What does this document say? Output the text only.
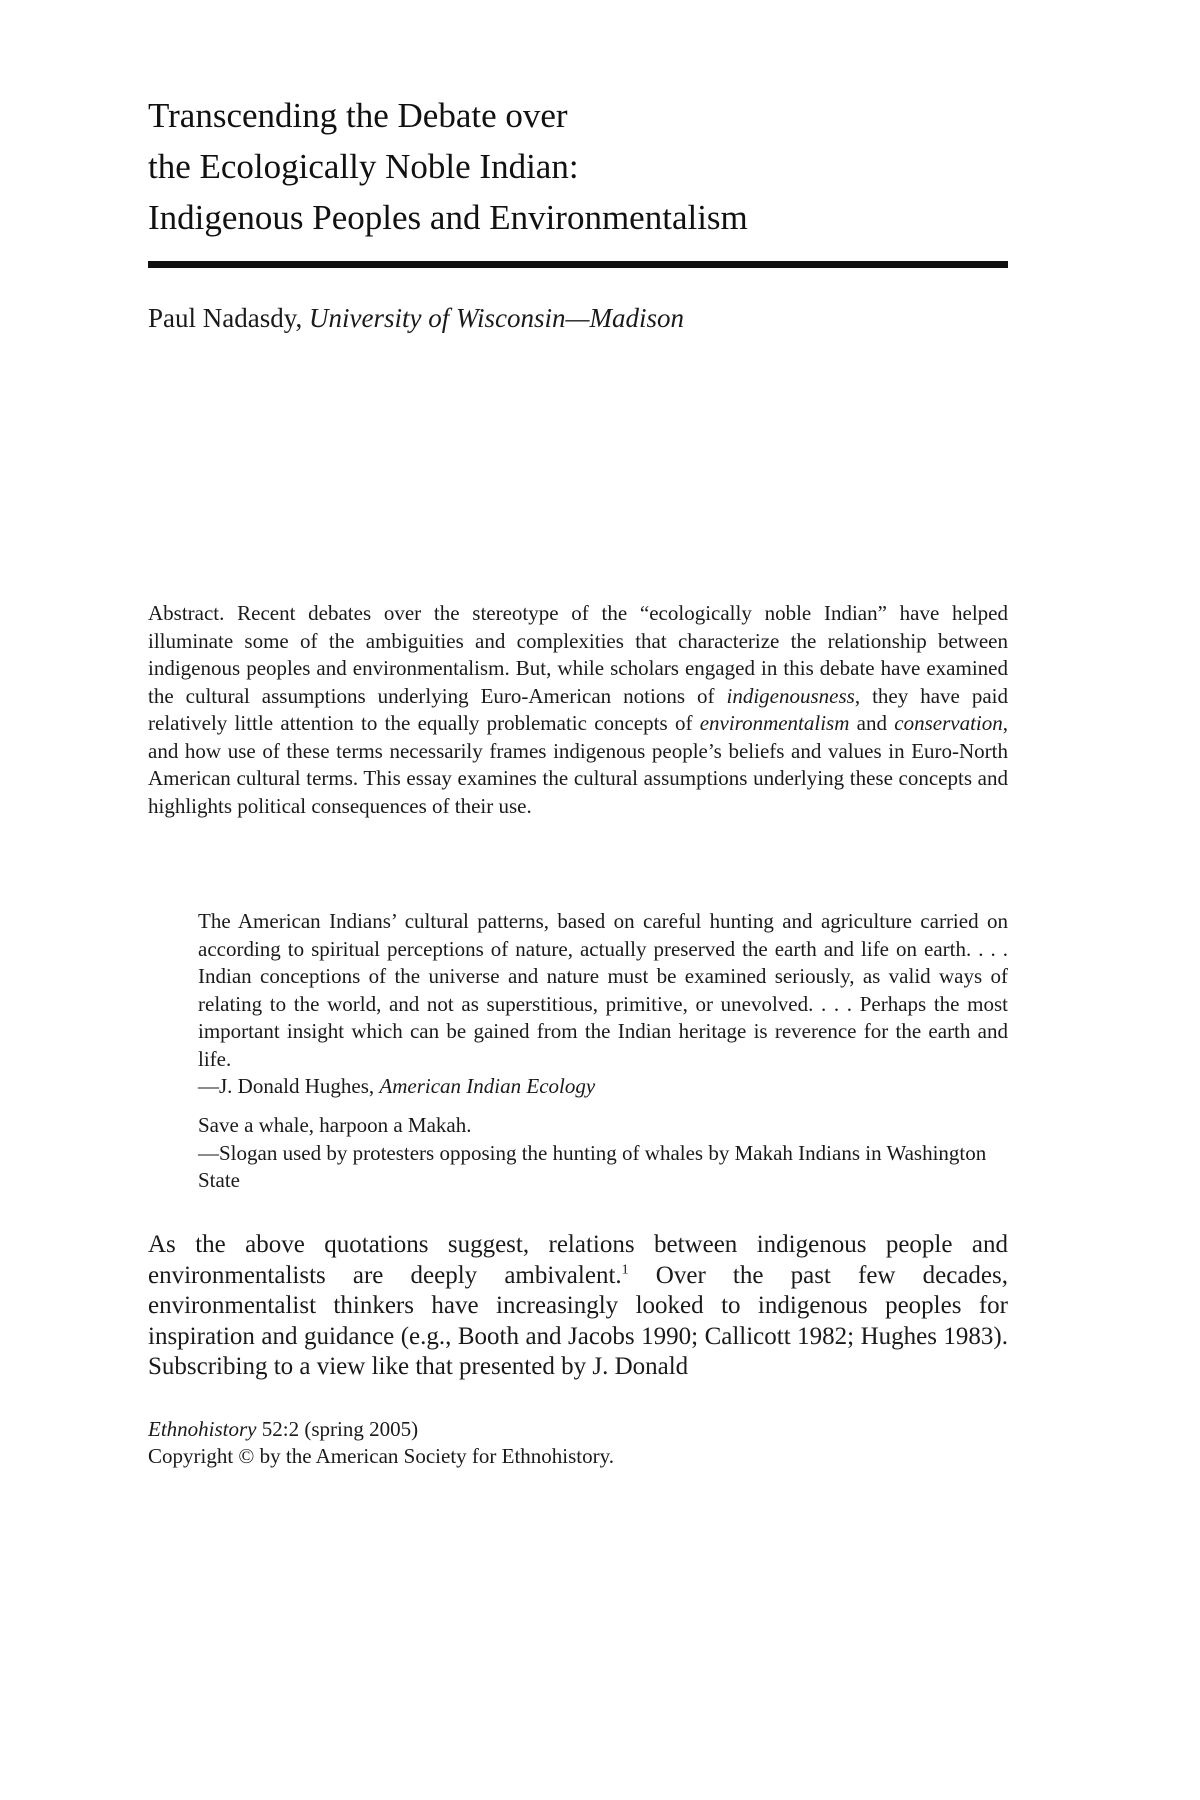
Transcending the Debate over
the Ecologically Noble Indian:
Indigenous Peoples and Environmentalism
Paul Nadasdy, University of Wisconsin—Madison

Abstract. Recent debates over the stereotype of the “ecologically noble Indian” have helped illuminate some of the ambiguities and complexities that characterize the relationship between indigenous peoples and environmentalism. But, while scholars engaged in this debate have examined the cultural assumptions underlying Euro-American notions of indigenousness, they have paid relatively little attention to the equally problematic concepts of environmentalism and conservation, and how use of these terms necessarily frames indigenous people’s beliefs and values in Euro-North American cultural terms. This essay examines the cultural assumptions underlying these concepts and highlights political consequences of their use.

The American Indians’ cultural patterns, based on careful hunting and agriculture carried on according to spiritual perceptions of nature, actually preserved the earth and life on earth. . . . Indian conceptions of the universe and nature must be examined seriously, as valid ways of relating to the world, and not as superstitious, primitive, or unevolved. . . . Perhaps the most important insight which can be gained from the Indian heritage is reverence for the earth and life.

—J. Donald Hughes, American Indian Ecology

Save a whale, harpoon a Makah.

—Slogan used by protesters opposing the hunting of whales by Makah Indians in Washington State

As the above quotations suggest, relations between indigenous people and environmentalists are deeply ambivalent.$^1$ Over the past few decades, environmentalist thinkers have increasingly looked to indigenous peoples for inspiration and guidance (e.g., Booth and Jacobs 1990; Callicott 1982; Hughes 1983). Subscribing to a view like that presented by J. Donald

Ethnohistory 52:2 (spring 2005)
Copyright © by the American Society for Ethnohistory.
